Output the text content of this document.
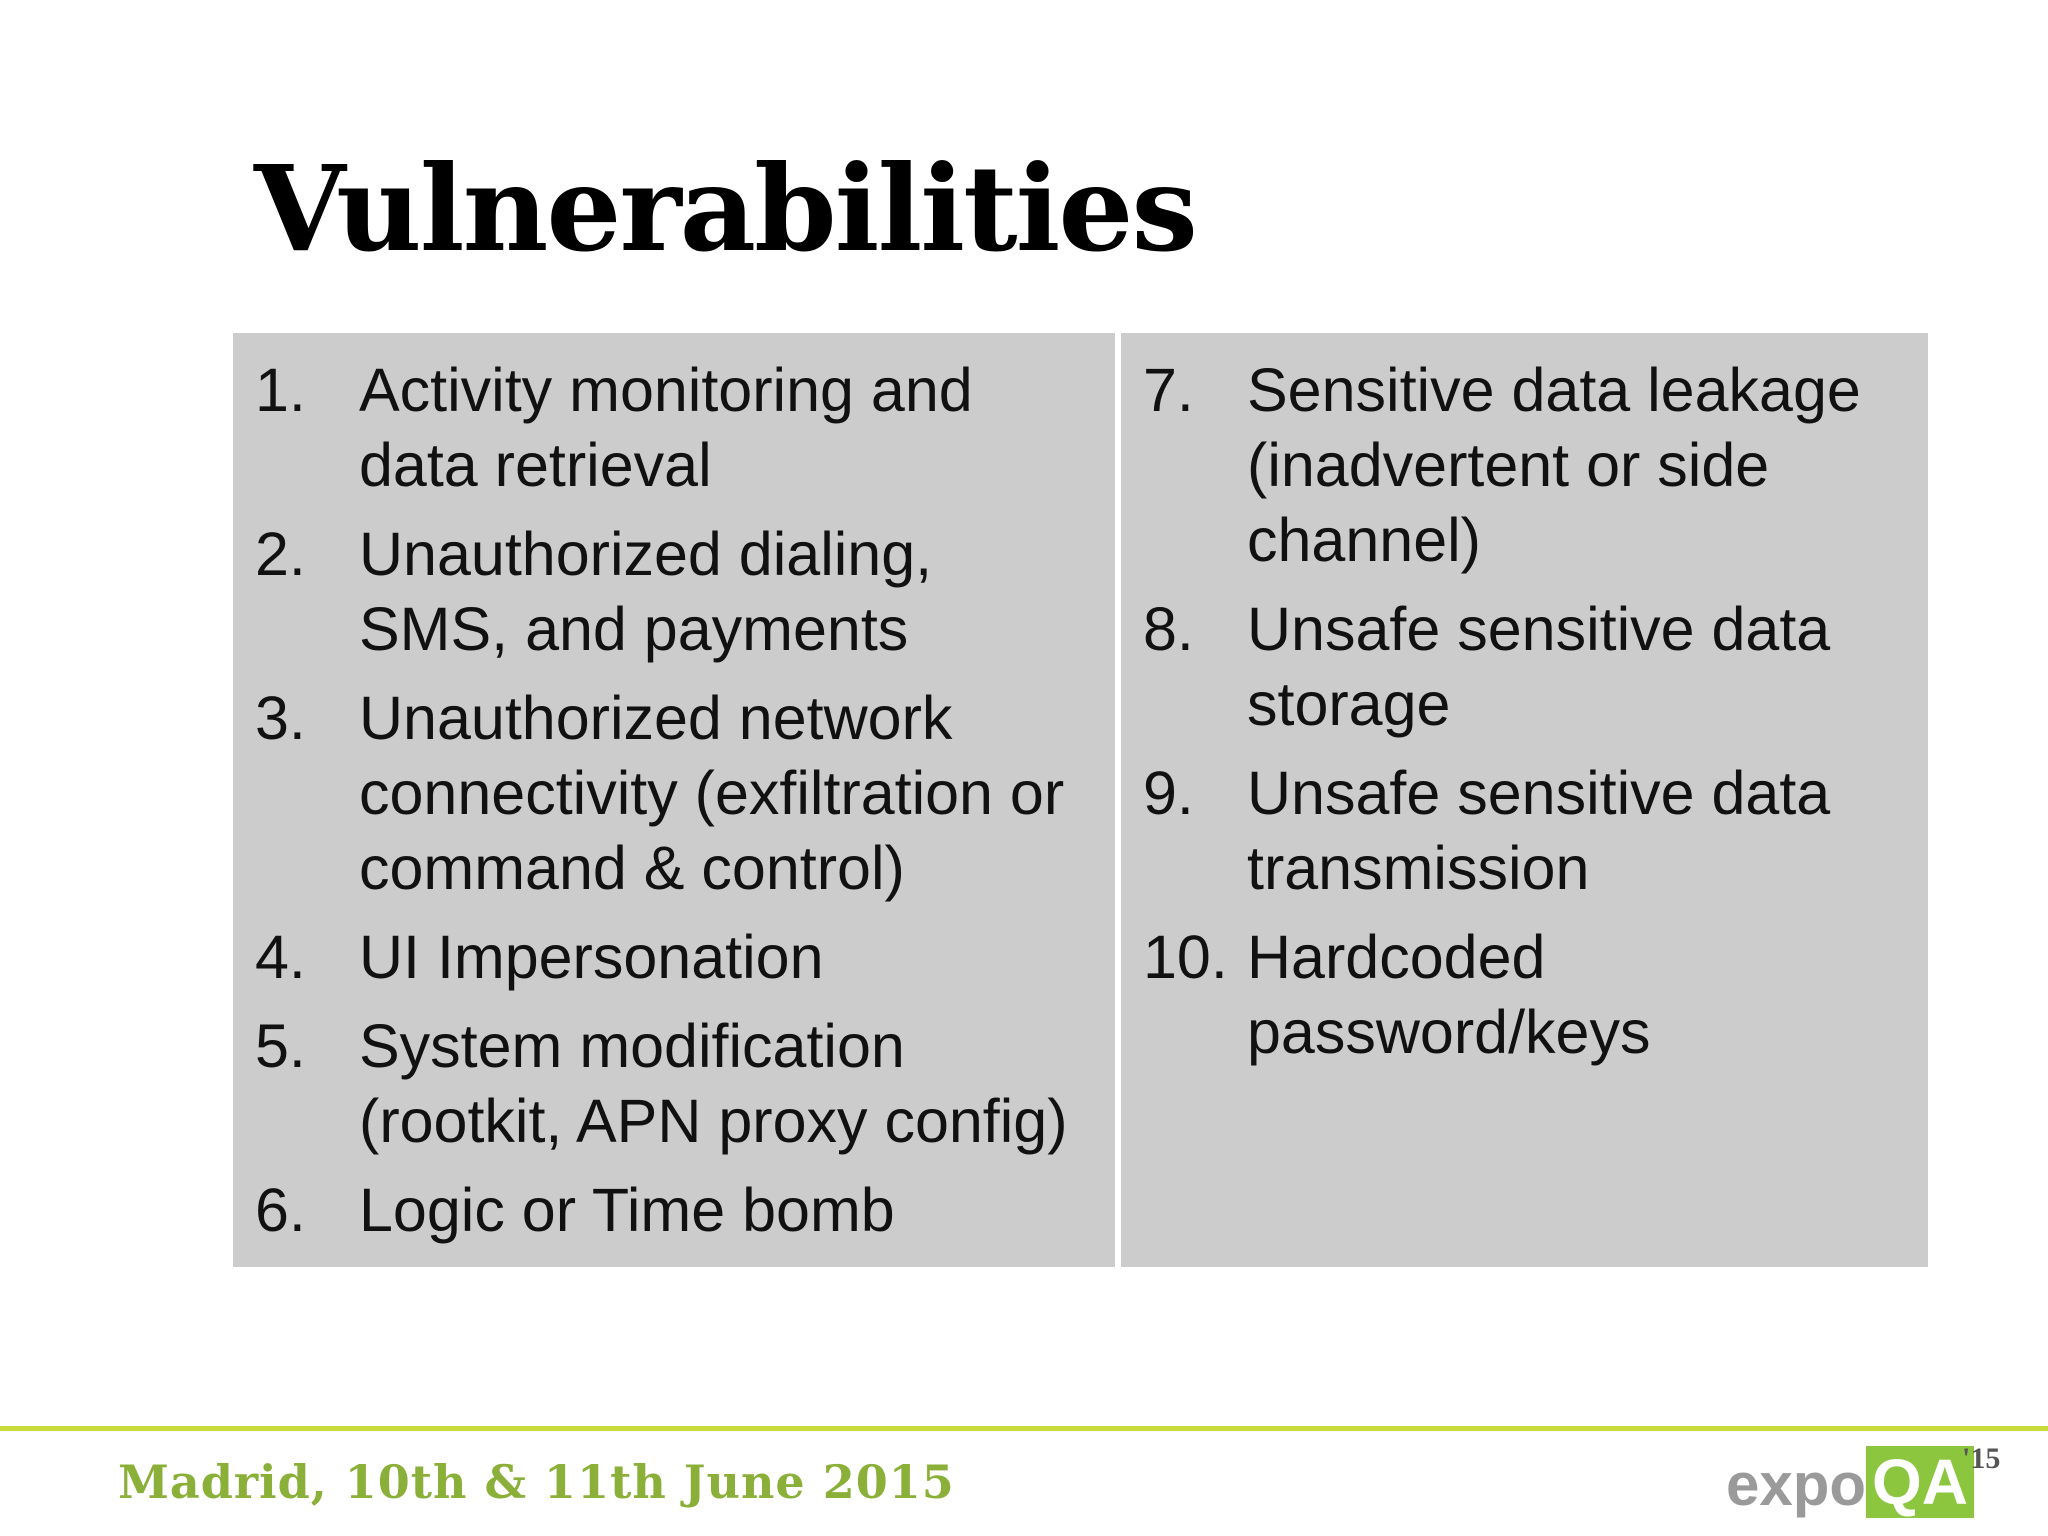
Vulnerabilities
1. Activity monitoring and
data retrieval
2. Unauthorized dialing,
SMS, and payments
3. Unauthorized network
connectivity (exfiltration or
command & control)
4. UI Impersonation
5. System modification
(rootkit, APN proxy config)
6. Logic or Time bomb
7. Sensitive data leakage
(inadvertent or side
channel)
8. Unsafe sensitive data
storage
9. Unsafe sensitive data
transmission
10. Hardcoded
password/keys
Madrid, 10th & 11th June 2015	expo QA
'15
